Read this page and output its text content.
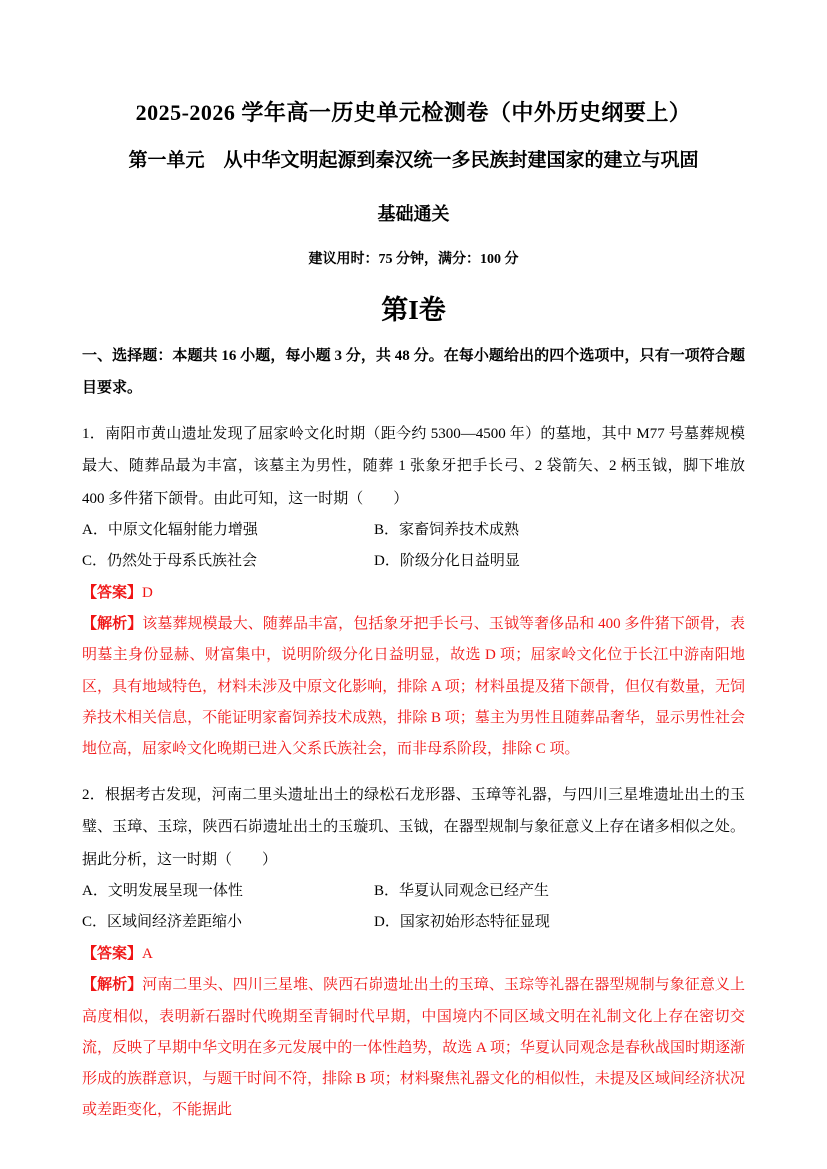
2025-2026 学年高一历史单元检测卷（中外历史纲要上）
第一单元　从中华文明起源到秦汉统一多民族封建国家的建立与巩固
基础通关

建议用时：75 分钟，满分：100 分

第I卷

一、选择题：本题共 16 小题，每小题 3 分，共 48 分。在每小题给出的四个选项中，只有一项符合题目要求。

1．南阳市黄山遗址发现了屈家岭文化时期（距今约 5300—4500 年）的墓地，其中 M77 号墓葬规模最大、随葬品最为丰富，该墓主为男性，随葬 1 张象牙把手长弓、2 袋箭矢、2 柄玉钺，脚下堆放 400 多件猪下颌骨。由此可知，这一时期（　　）

A．中原文化辐射能力增强	B．家畜饲养技术成熟
C．仍然处于母系氏族社会	D．阶级分化日益明显

【答案】D

【解析】该墓葬规模最大、随葬品丰富，包括象牙把手长弓、玉钺等奢侈品和 400 多件猪下颌骨，表明墓主身份显赫、财富集中，说明阶级分化日益明显，故选 D 项；屈家岭文化位于长江中游南阳地区，具有地域特色，材料未涉及中原文化影响，排除 A 项；材料虽提及猪下颌骨，但仅有数量，无饲养技术相关信息，不能证明家畜饲养技术成熟，排除 B 项；墓主为男性且随葬品奢华，显示男性社会地位高，屈家岭文化晚期已进入父系氏族社会，而非母系阶段，排除 C 项。

2．根据考古发现，河南二里头遗址出土的绿松石龙形器、玉璋等礼器，与四川三星堆遗址出土的玉璧、玉璋、玉琮，陕西石峁遗址出土的玉璇玑、玉钺，在器型规制与象征意义上存在诸多相似之处。据此分析，这一时期（　　）

A．文明发展呈现一体性	B．华夏认同观念已经产生
C．区域间经济差距缩小	D．国家初始形态特征显现

【答案】A

【解析】河南二里头、四川三星堆、陕西石峁遗址出土的玉璋、玉琮等礼器在器型规制与象征意义上高度相似，表明新石器时代晚期至青铜时代早期，中国境内不同区域文明在礼制文化上存在密切交流，反映了早期中华文明在多元发展中的一体性趋势，故选 A 项；华夏认同观念是春秋战国时期逐渐形成的族群意识，与题干时间不符，排除 B 项；材料聚焦礼器文化的相似性，未提及区域间经济状况或差距变化，不能据此
